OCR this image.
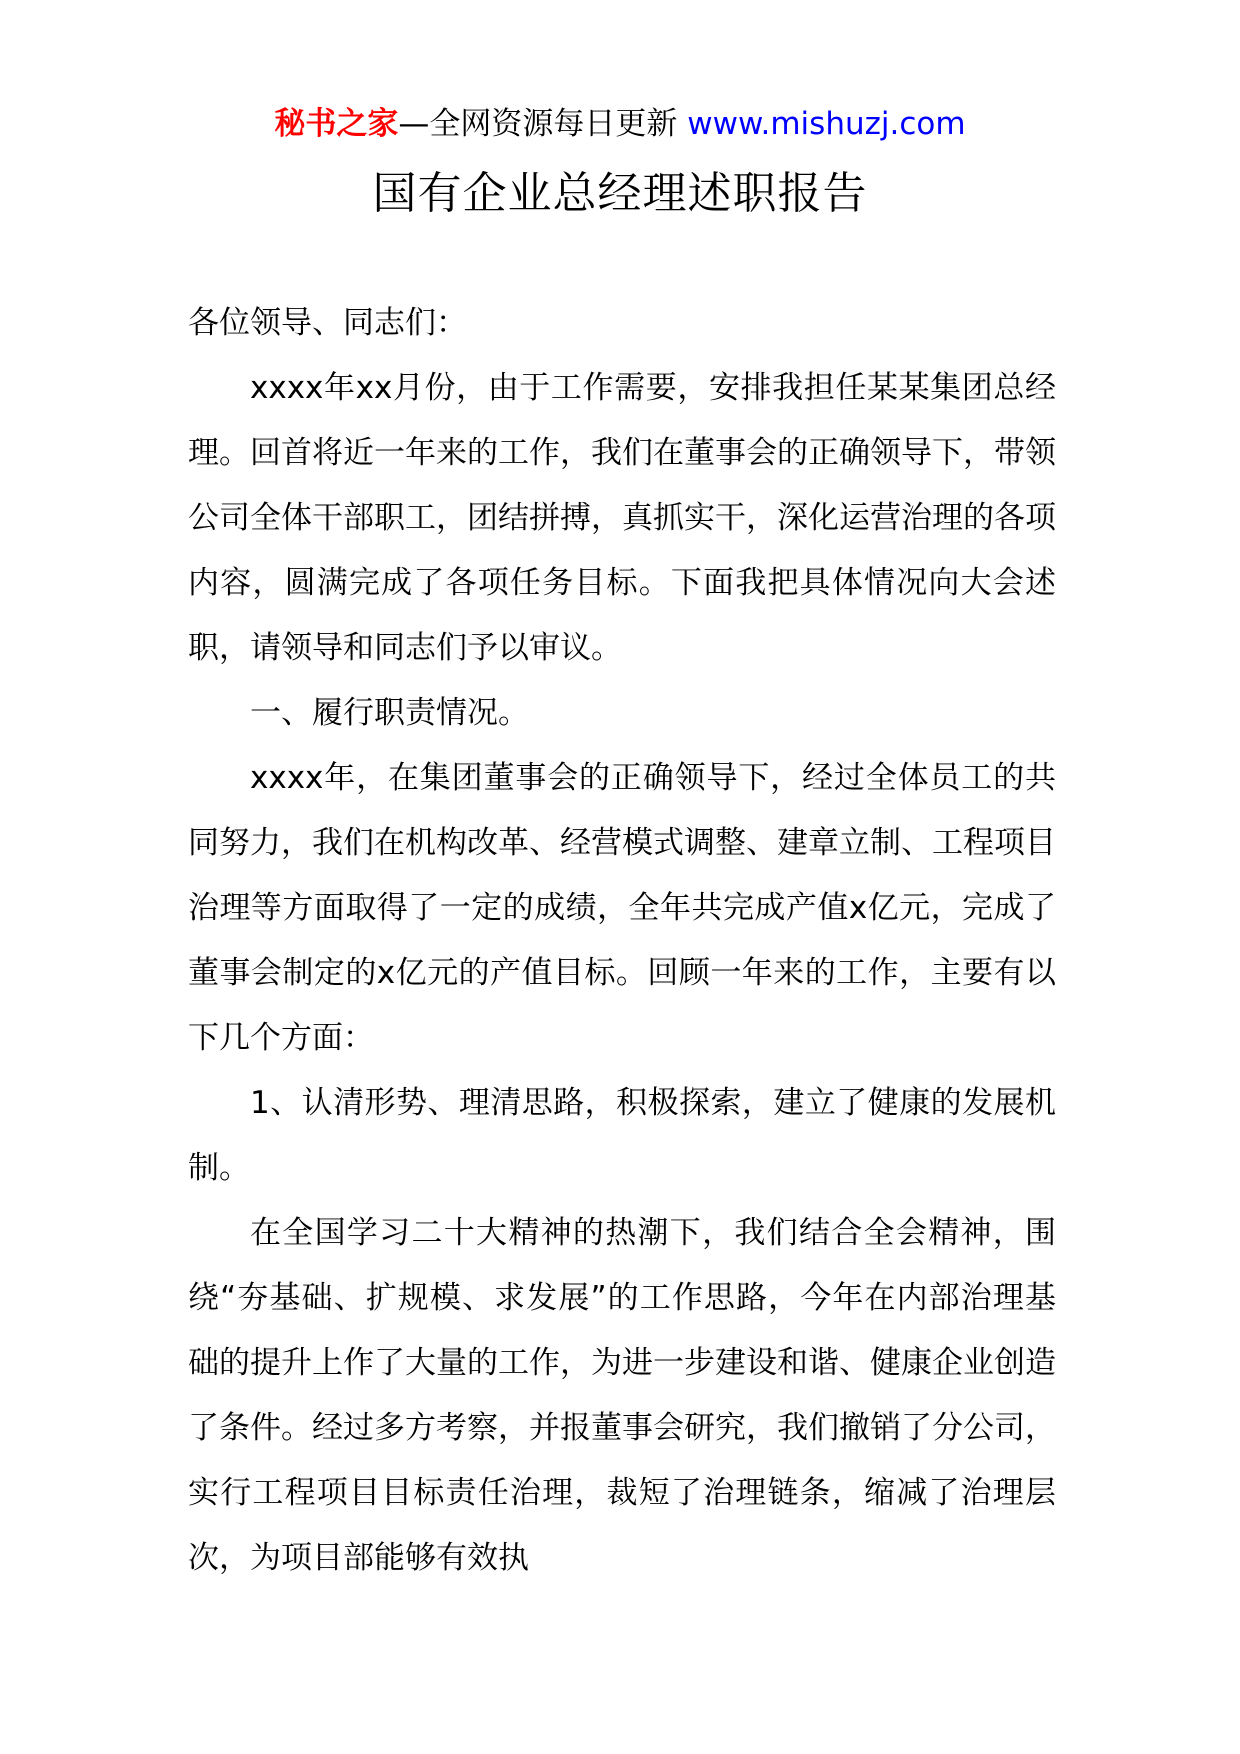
秘书之家—全网资源每日更新 www.mishuzj.com
国有企业总经理述职报告

各位领导、同志们：

xxxx年xx月份，由于工作需要，安排我担任某某集团总经理。回首将近一年来的工作，我们在董事会的正确领导下，带领公司全体干部职工，团结拼搏，真抓实干，深化运营治理的各项内容，圆满完成了各项任务目标。下面我把具体情况向大会述职，请领导和同志们予以审议。

一、履行职责情况。

xxxx年，在集团董事会的正确领导下，经过全体员工的共同努力，我们在机构改革、经营模式调整、建章立制、工程项目治理等方面取得了一定的成绩，全年共完成产值x亿元，完成了董事会制定的x亿元的产值目标。回顾一年来的工作，主要有以下几个方面：

1、认清形势、理清思路，积极探索，建立了健康的发展机制。

在全国学习二十大精神的热潮下，我们结合全会精神，围绕“夯基础、扩规模、求发展”的工作思路，今年在内部治理基础的提升上作了大量的工作，为进一步建设和谐、健康企业创造了条件。经过多方考察，并报董事会研究，我们撤销了分公司，实行工程项目目标责任治理，裁短了治理链条，缩减了治理层次，为项目部能够有效执
